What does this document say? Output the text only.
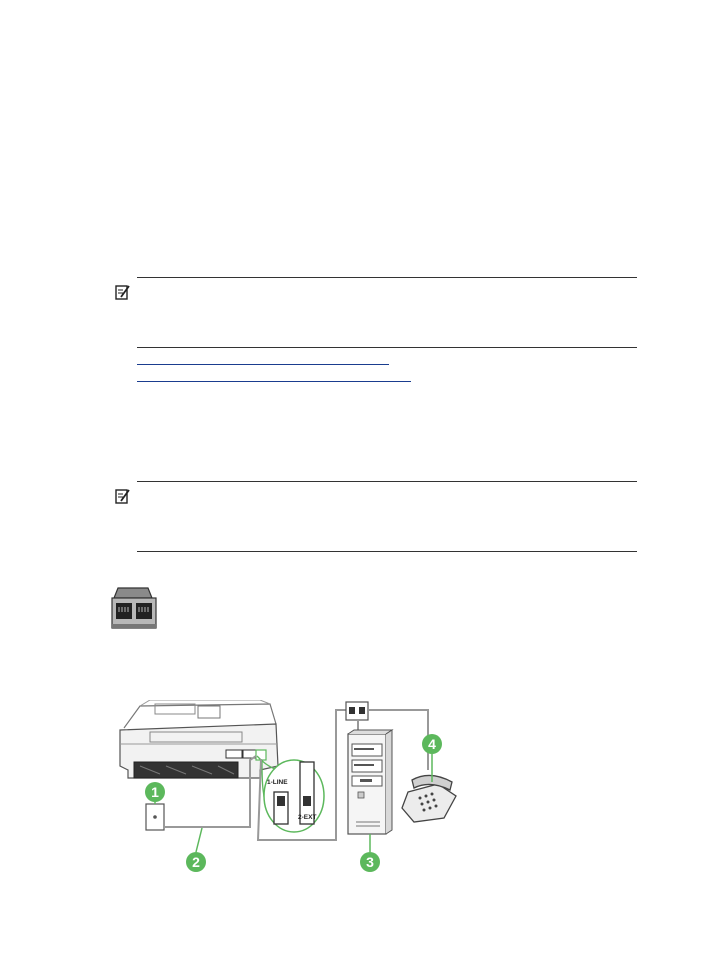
1-LINE
2-EXT
1
2	3
4
